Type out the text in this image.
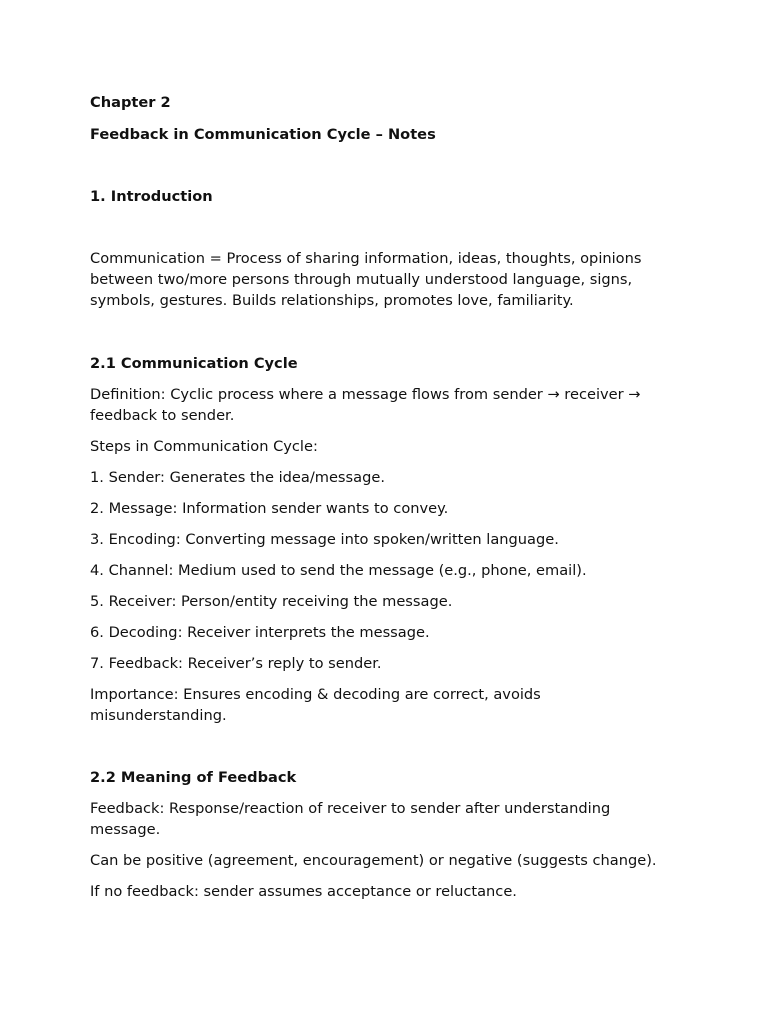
Chapter 2

Feedback in Communication Cycle – Notes

1. Introduction

Communication = Process of sharing information, ideas, thoughts, opinions between two/more persons through mutually understood language, signs, symbols, gestures. Builds relationships, promotes love, familiarity.

2.1 Communication Cycle

Definition: Cyclic process where a message flows from sender → receiver → feedback to sender.

Steps in Communication Cycle:

1. Sender: Generates the idea/message.

2. Message: Information sender wants to convey.

3. Encoding: Converting message into spoken/written language.

4. Channel: Medium used to send the message (e.g., phone, email).

5. Receiver: Person/entity receiving the message.

6. Decoding: Receiver interprets the message.

7. Feedback: Receiver’s reply to sender.

Importance: Ensures encoding & decoding are correct, avoids misunderstanding.

2.2 Meaning of Feedback

Feedback: Response/reaction of receiver to sender after understanding message.

Can be positive (agreement, encouragement) or negative (suggests change).

If no feedback: sender assumes acceptance or reluctance.
